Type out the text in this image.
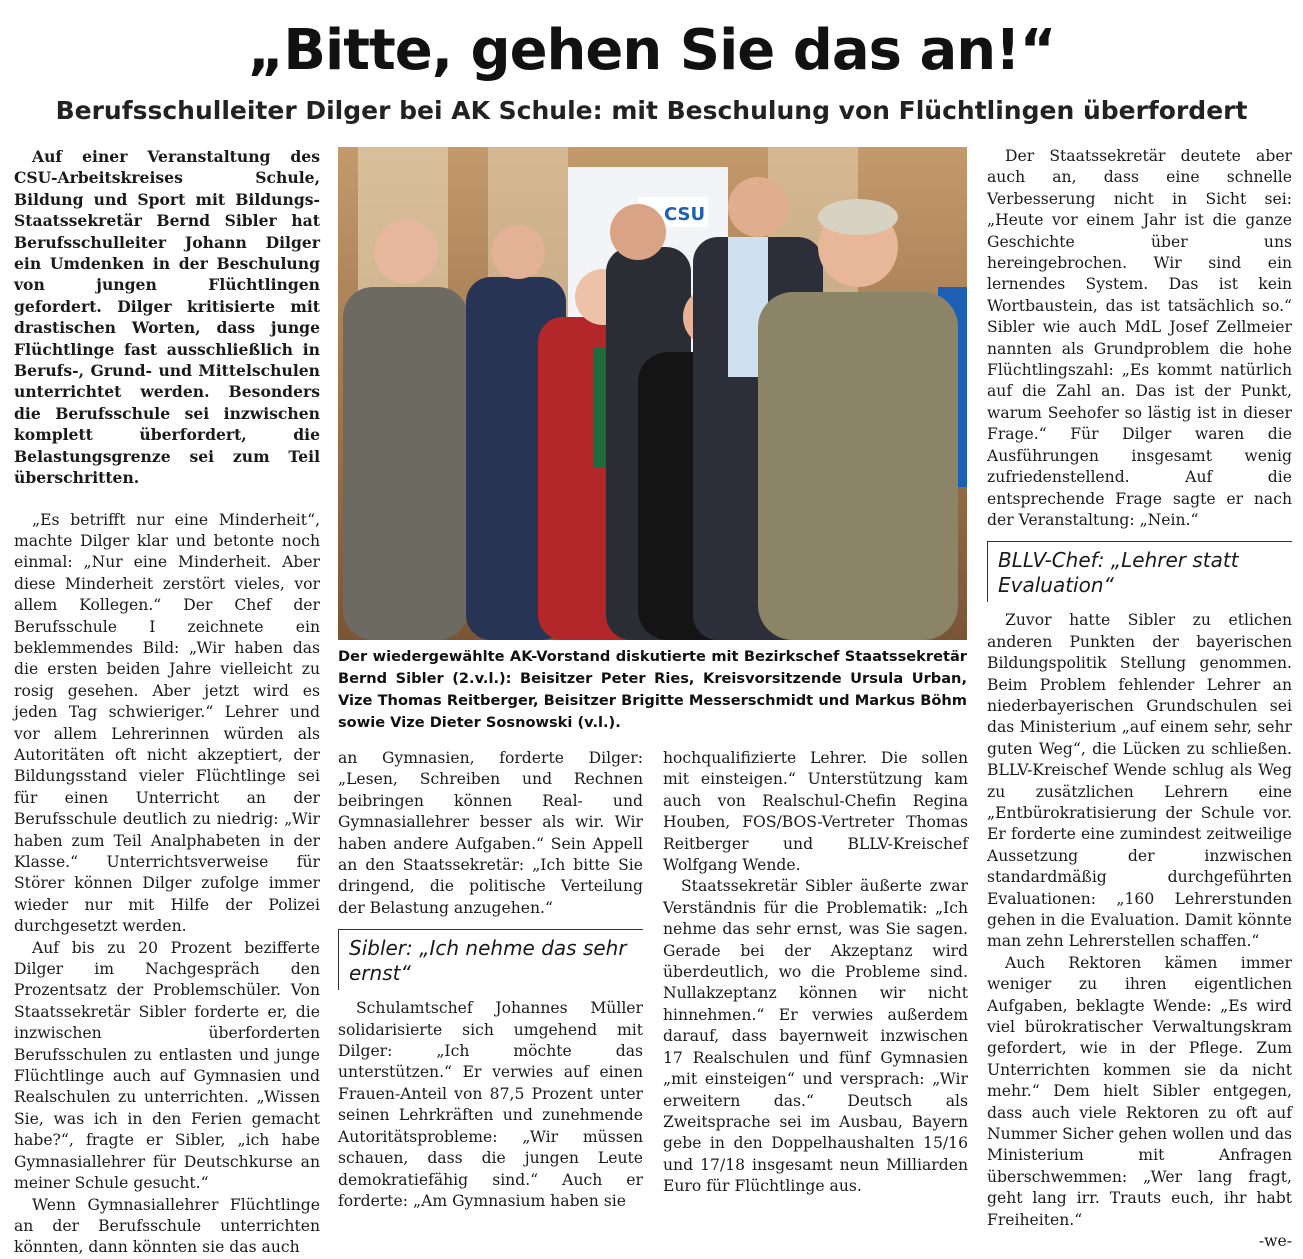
„Bitte, gehen Sie das an!“
Berufsschulleiter Dilger bei AK Schule: mit Beschulung von Flüchtlingen überfordert

Auf einer Veranstaltung des CSU-Arbeitskreises Schule, Bildung und Sport mit Bildungs-Staatssekretär Bernd Sibler hat Berufsschulleiter Johann Dilger ein Umdenken in der Beschulung von jungen Flüchtlingen gefordert. Dilger kritisierte mit drastischen Worten, dass junge Flüchtlinge fast ausschließlich in Berufs-, Grund- und Mittelschulen unterrichtet werden. Besonders die Berufsschule sei inzwischen komplett überfordert, die Belastungsgrenze sei zum Teil überschritten.

„Es betrifft nur eine Minderheit“, machte Dilger klar und betonte noch einmal: „Nur eine Minderheit. Aber diese Minderheit zerstört vieles, vor allem Kollegen.“ Der Chef der Berufsschule I zeichnete ein beklemmendes Bild: „Wir haben das die ersten beiden Jahre vielleicht zu rosig gesehen. Aber jetzt wird es jeden Tag schwieriger.“ Lehrer und vor allem Lehrerinnen würden als Autoritäten oft nicht akzeptiert, der Bildungsstand vieler Flüchtlinge sei für einen Unterricht an der Berufsschule deutlich zu niedrig: „Wir haben zum Teil Analphabeten in der Klasse.“ Unterrichtsverweise für Störer können Dilger zufolge immer wieder nur mit Hilfe der Polizei durchgesetzt werden.

Auf bis zu 20 Prozent bezifferte Dilger im Nachgespräch den Prozentsatz der Problemschüler. Von Staatssekretär Sibler forderte er, die inzwischen überforderten Berufsschulen zu entlasten und junge Flüchtlinge auch auf Gymnasien und Realschulen zu unterrichten. „Wissen Sie, was ich in den Ferien gemacht habe?“, fragte er Sibler, „ich habe Gymnasiallehrer für Deutschkurse an meiner Schule gesucht.“

Wenn Gymnasiallehrer Flüchtlinge an der Berufsschule unterrichten könnten, dann könnten sie das auch

CSU
Der wiedergewählte AK-Vorstand diskutierte mit Bezirkschef Staatssekretär Bernd Sibler (2.v.l.): Beisitzer Peter Ries, Kreisvorsitzende Ursula Urban, Vize Thomas Reitberger, Beisitzer Brigitte Messerschmidt und Markus Böhm sowie Vize Dieter Sosnowski (v.l.).

an Gymnasien, forderte Dilger: „Lesen, Schreiben und Rechnen beibringen können Real- und Gymnasiallehrer besser als wir. Wir haben andere Aufgaben.“ Sein Appell an den Staatssekretär: „Ich bitte Sie dringend, die politische Verteilung der Belastung anzugehen.“

Sibler: „Ich nehme das sehr ernst“

Schulamtschef Johannes Müller solidarisierte sich umgehend mit Dilger: „Ich möchte das unterstützen.“ Er verwies auf einen Frauen-Anteil von 87,5 Prozent unter seinen Lehrkräften und zunehmende Autoritätsprobleme: „Wir müssen schauen, dass die jungen Leute demokratiefähig sind.“ Auch er forderte: „Am Gymnasium haben sie

hochqualifizierte Lehrer. Die sollen mit einsteigen.“ Unterstützung kam auch von Realschul-Chefin Regina Houben, FOS/BOS-Vertreter Thomas Reitberger und BLLV-Kreischef Wolfgang Wende.

Staatssekretär Sibler äußerte zwar Verständnis für die Problematik: „Ich nehme das sehr ernst, was Sie sagen. Gerade bei der Akzeptanz wird überdeutlich, wo die Probleme sind. Nullakzeptanz können wir nicht hinnehmen.“ Er verwies außerdem darauf, dass bayernweit inzwischen 17 Realschulen und fünf Gymnasien „mit einsteigen“ und versprach: „Wir erweitern das.“ Deutsch als Zweitsprache sei im Ausbau, Bayern gebe in den Doppelhaushalten 15/16 und 17/18 insgesamt neun Milliarden Euro für Flüchtlinge aus.

Der Staatssekretär deutete aber auch an, dass eine schnelle Verbesserung nicht in Sicht sei: „Heute vor einem Jahr ist die ganze Geschichte über uns hereingebrochen. Wir sind ein lernendes System. Das ist kein Wortbaustein, das ist tatsächlich so.“ Sibler wie auch MdL Josef Zellmeier nannten als Grundproblem die hohe Flüchtlingszahl: „Es kommt natürlich auf die Zahl an. Das ist der Punkt, warum Seehofer so lästig ist in dieser Frage.“ Für Dilger waren die Ausführungen insgesamt wenig zufriedenstellend. Auf die entsprechende Frage sagte er nach der Veranstaltung: „Nein.“

BLLV-Chef: „Lehrer statt Evaluation“

Zuvor hatte Sibler zu etlichen anderen Punkten der bayerischen Bildungspolitik Stellung genommen. Beim Problem fehlender Lehrer an niederbayerischen Grundschulen sei das Ministerium „auf einem sehr, sehr guten Weg“, die Lücken zu schließen. BLLV-Kreischef Wende schlug als Weg zu zusätzlichen Lehrern eine „Entbürokratisierung der Schule vor. Er forderte eine zumindest zeitweilige Aussetzung der inzwischen standardmäßig durchgeführten Evaluationen: „160 Lehrerstunden gehen in die Evaluation. Damit könnte man zehn Lehrerstellen schaffen.“

Auch Rektoren kämen immer weniger zu ihren eigentlichen Aufgaben, beklagte Wende: „Es wird viel bürokratischer Verwaltungskram gefordert, wie in der Pflege. Zum Unterrichten kommen sie da nicht mehr.“ Dem hielt Sibler entgegen, dass auch viele Rektoren zu oft auf Nummer Sicher gehen wollen und das Ministerium mit Anfragen überschwemmen: „Wer lang fragt, geht lang irr. Trauts euch, ihr habt Freiheiten.“

-we-
